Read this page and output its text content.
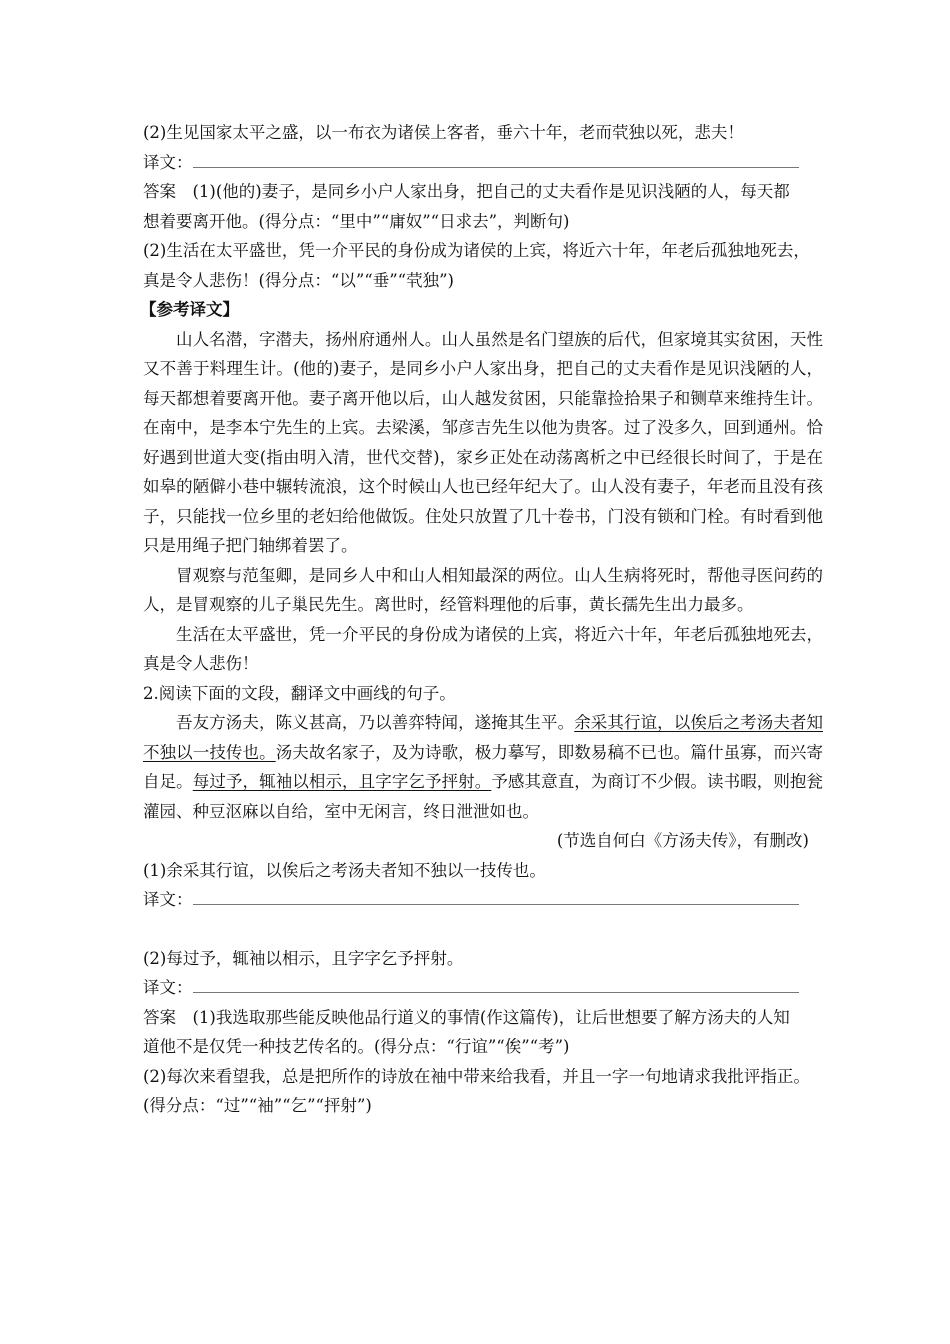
(2)生见国家太平之盛，以一布衣为诸侯上客者，垂六十年，老而茕独以死，悲夫！

译文：

答案 (1)(他的)妻子，是同乡小户人家出身，把自己的丈夫看作是见识浅陋的人，每天都

想着要离开他。(得分点：“里中”“庸奴”“日求去”，判断句)

(2)生活在太平盛世，凭一介平民的身份成为诸侯的上宾，将近六十年，年老后孤独地死去，

真是令人悲伤！(得分点：“以”“垂”“茕独”)

【参考译文】

山人名潜，字潜夫，扬州府通州人。山人虽然是名门望族的后代，但家境其实贫困，天性又不善于料理生计。(他的)妻子，是同乡小户人家出身，把自己的丈夫看作是见识浅陋的人，每天都想着要离开他。妻子离开他以后，山人越发贫困，只能靠捡拾果子和铡草来维持生计。在南中，是李本宁先生的上宾。去梁溪，邹彦吉先生以他为贵客。过了没多久，回到通州。恰好遇到世道大变(指由明入清，世代交替)，家乡正处在动荡离析之中已经很长时间了，于是在如皋的陋僻小巷中辗转流浪，这个时候山人也已经年纪大了。山人没有妻子，年老而且没有孩子，只能找一位乡里的老妇给他做饭。住处只放置了几十卷书，门没有锁和门栓。有时看到他只是用绳子把门轴绑着罢了。

冒观察与范玺卿，是同乡人中和山人相知最深的两位。山人生病将死时，帮他寻医问药的人，是冒观察的儿子巢民先生。离世时，经管料理他的后事，黄长孺先生出力最多。

生活在太平盛世，凭一介平民的身份成为诸侯的上宾，将近六十年，年老后孤独地死去，真是令人悲伤！

2.阅读下面的文段，翻译文中画线的句子。

吾友方汤夫，陈义甚高，乃以善弈特闻，遂掩其生平。余采其行谊，以俟后之考汤夫者知不独以一技传也。汤夫故名家子，及为诗歌，极力摹写，即数易稿不已也。篇什虽寡，而兴寄自足。每过予，辄袖以相示，且字字乞予抨射。予感其意直，为商订不少假。读书暇，则抱瓮灌园、种豆沤麻以自给，室中无闲言，终日泄泄如也。

(节选自何白《方汤夫传》，有删改)

(1)余采其行谊，以俟后之考汤夫者知不独以一技传也。

译文：

(2)每过予，辄袖以相示，且字字乞予抨射。

译文：

答案 (1)我选取那些能反映他品行道义的事情(作这篇传)，让后世想要了解方汤夫的人知

道他不是仅凭一种技艺传名的。(得分点：“行谊”“俟”“考”)

(2)每次来看望我，总是把所作的诗放在袖中带来给我看，并且一字一句地请求我批评指正。

(得分点：“过”“袖”“乞”“抨射”)
